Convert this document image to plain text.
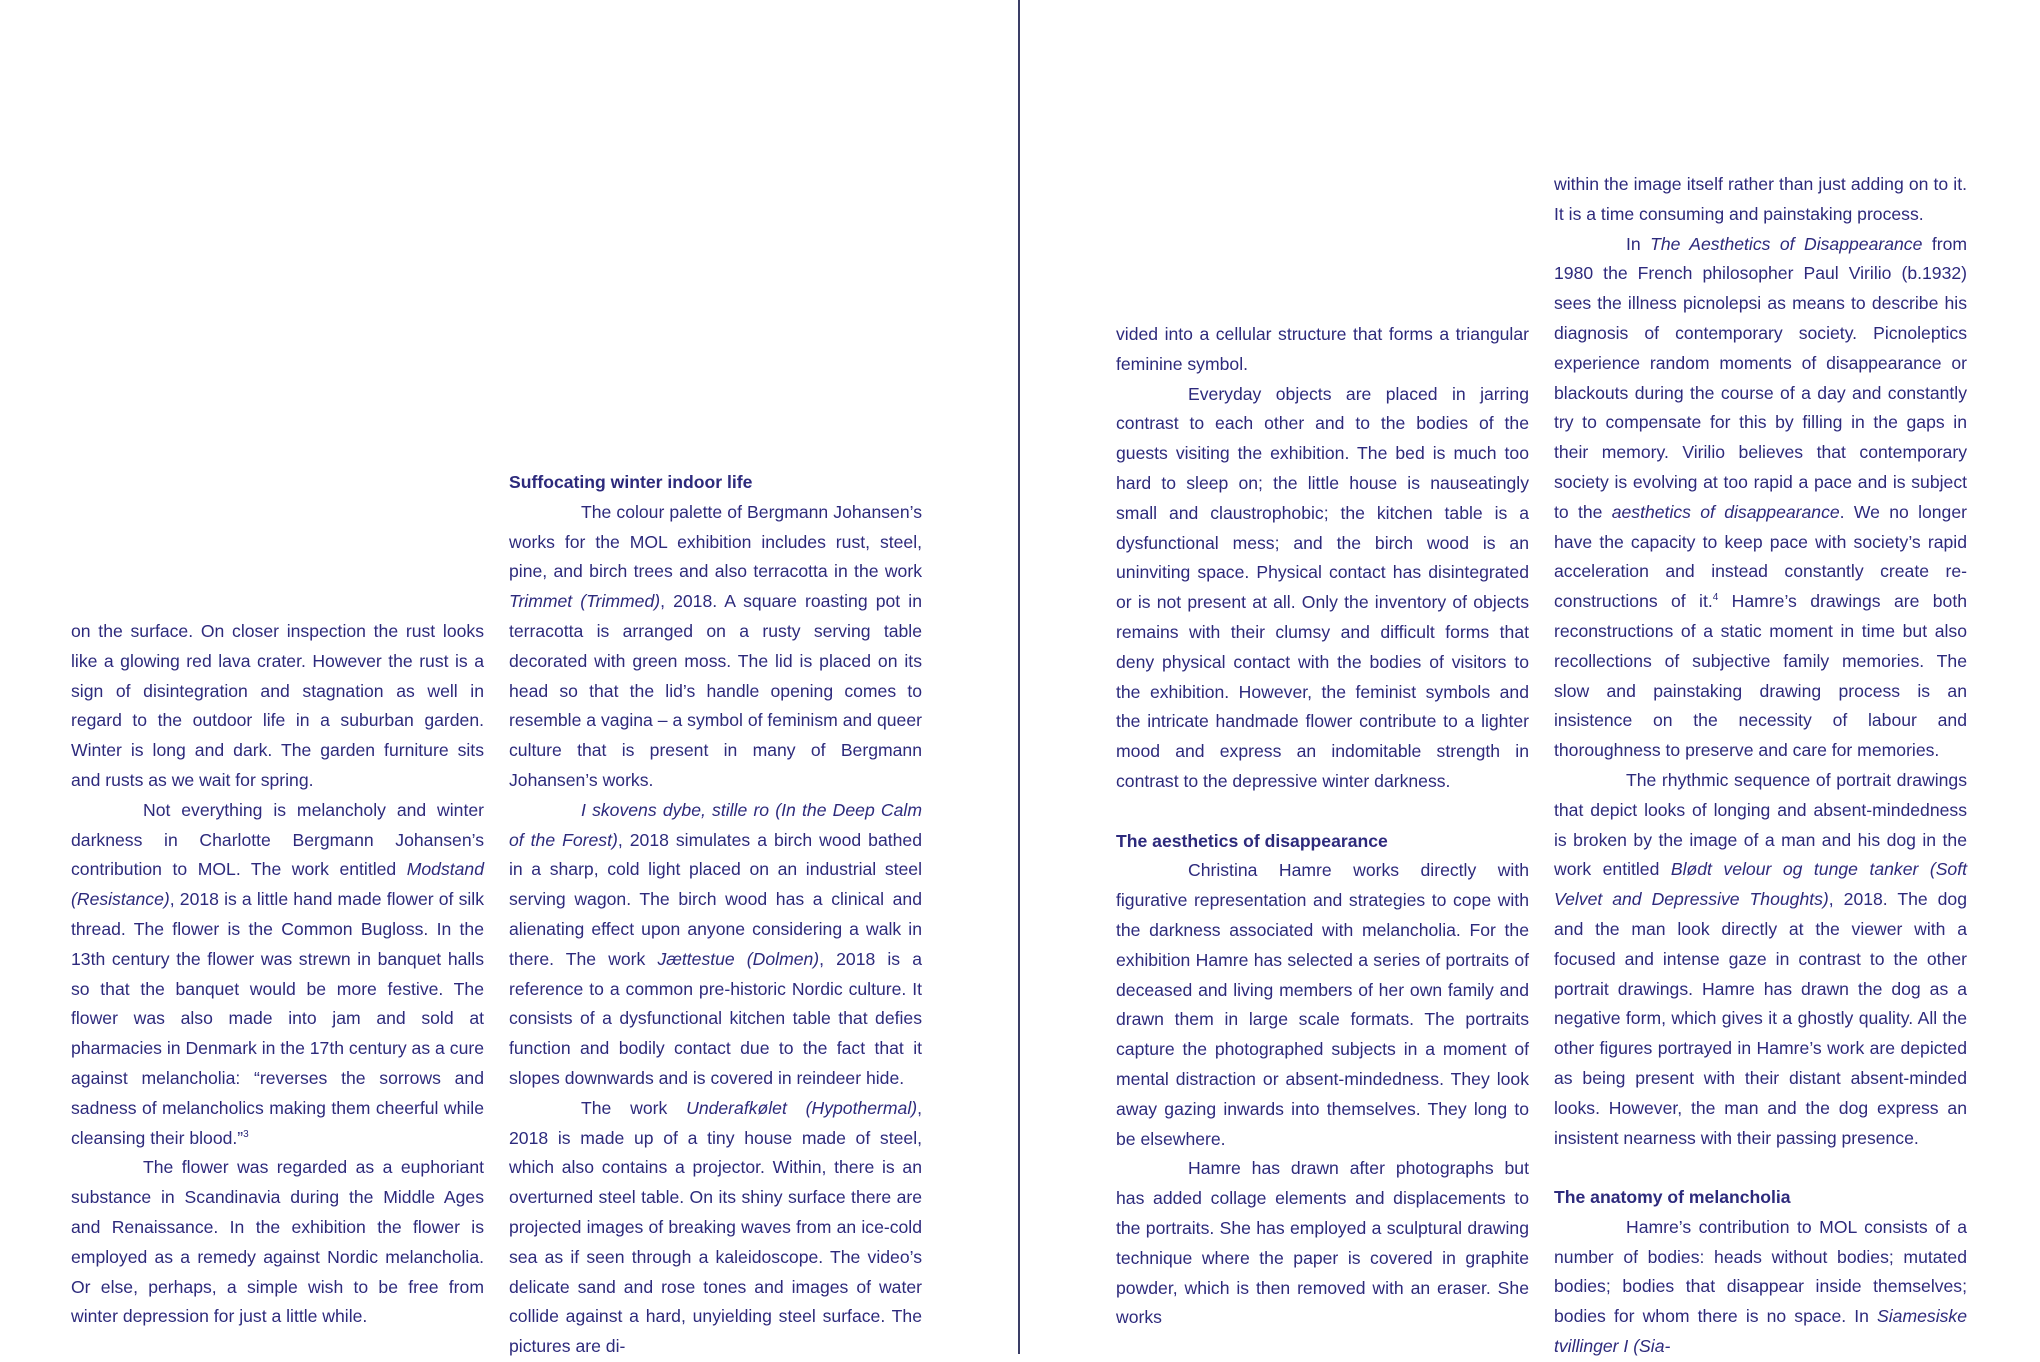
on the surface. On closer inspection the rust looks like a glowing red lava crater. However the rust is a sign of disintegration and stagnation as well in regard to the outdoor life in a suburban garden. Winter is long and dark. The garden furniture sits and rusts as we wait for spring.

Not everything is melancholy and winter darkness in Charlotte Bergmann Johansen’s contribution to MOL. The work entitled Modstand (Resistance), 2018 is a little hand made flower of silk thread. The flower is the Common Bugloss. In the 13th century the flower was strewn in banquet halls so that the banquet would be more festive. The flower was also made into jam and sold at pharmacies in Denmark in the 17th century as a cure against melancholia: “reverses the sorrows and sadness of melancholics making them cheerful while cleansing their blood.”$^3$

The flower was regarded as a euphoriant substance in Scandinavia during the Middle Ages and Renaissance. In the exhibition the flower is employed as a remedy against Nordic melancholia. Or else, perhaps, a simple wish to be free from winter depression for just a little while.

Suffocating winter indoor life

The colour palette of Bergmann Johansen’s works for the MOL exhibition includes rust, steel, pine, and birch trees and also terracotta in the work Trimmet (Trimmed), 2018. A square roasting pot in terracotta is arranged on a rusty serving table decorated with green moss. The lid is placed on its head so that the lid’s handle opening comes to resemble a vagina – a symbol of feminism and queer culture that is present in many of Bergmann Johansen’s works.

I skovens dybe, stille ro (In the Deep Calm of the Forest), 2018 simulates a birch wood bathed in a sharp, cold light placed on an industrial steel serving wagon. The birch wood has a clinical and alienating effect upon anyone considering a walk in there. The work Jættestue (Dolmen), 2018 is a reference to a common pre-historic Nordic culture. It consists of a dysfunctional kitchen table that defies function and bodily contact due to the fact that it slopes downwards and is covered in reindeer hide.

The work Underafkølet (Hypothermal), 2018 is made up of a tiny house made of steel, which also contains a projector. Within, there is an overturned steel table. On its shiny surface there are projected images of breaking waves from an ice-cold sea as if seen through a kaleidoscope. The video’s delicate sand and rose tones and images of water collide against a hard, unyielding steel surface. The pictures are di-

vided into a cellular structure that forms a triangular feminine symbol.

Everyday objects are placed in jarring contrast to each other and to the bodies of the guests visiting the exhibition. The bed is much too hard to sleep on; the little house is nauseatingly small and claustrophobic; the kitchen table is a dysfunctional mess; and the birch wood is an uninviting space. Physical contact has disintegrated or is not present at all. Only the inventory of objects remains with their clumsy and difficult forms that deny physical contact with the bodies of visitors to the exhibition. However, the feminist symbols and the intricate handmade flower contribute to a lighter mood and express an indomitable strength in contrast to the depressive winter darkness.

The aesthetics of disappearance

Christina Hamre works directly with figurative representation and strategies to cope with the darkness associated with melancholia. For the exhibition Hamre has selected a series of portraits of deceased and living members of her own family and drawn them in large scale formats. The portraits capture the photographed subjects in a moment of mental distraction or absent-mindedness. They look away gazing inwards into themselves. They long to be elsewhere.

Hamre has drawn after photographs but has added collage elements and displacements to the portraits. She has employed a sculptural drawing technique where the paper is covered in graphite powder, which is then removed with an eraser. She works

within the image itself rather than just adding on to it. It is a time consuming and painstaking process.

In The Aesthetics of Disappearance from 1980 the French philosopher Paul Virilio (b.1932) sees the illness picnolepsi as means to describe his diagnosis of contemporary society. Picnoleptics experience random moments of disappearance or blackouts during the course of a day and constantly try to compensate for this by filling in the gaps in their memory. Virilio believes that contemporary society is evolving at too rapid a pace and is subject to the aesthetics of disappearance. We no longer have the capacity to keep pace with society’s rapid acceleration and instead constantly create re-constructions of it.$^4$ Hamre’s drawings are both reconstructions of a static moment in time but also recollections of subjective family memories. The slow and painstaking drawing process is an insistence on the necessity of labour and thoroughness to preserve and care for memories.

The rhythmic sequence of portrait drawings that depict looks of longing and absent-mindedness is broken by the image of a man and his dog in the work entitled Blødt velour og tunge tanker (Soft Velvet and Depressive Thoughts), 2018. The dog and the man look directly at the viewer with a focused and intense gaze in contrast to the other portrait drawings. Hamre has drawn the dog as a negative form, which gives it a ghostly quality. All the other figures portrayed in Hamre’s work are depicted as being present with their distant absent-minded looks. However, the man and the dog express an insistent nearness with their passing presence.

The anatomy of melancholia

Hamre’s contribution to MOL consists of a number of bodies: heads without bodies; mutated bodies; bodies that disappear inside themselves; bodies for whom there is no space. In Siamesiske tvillinger I (Sia-
